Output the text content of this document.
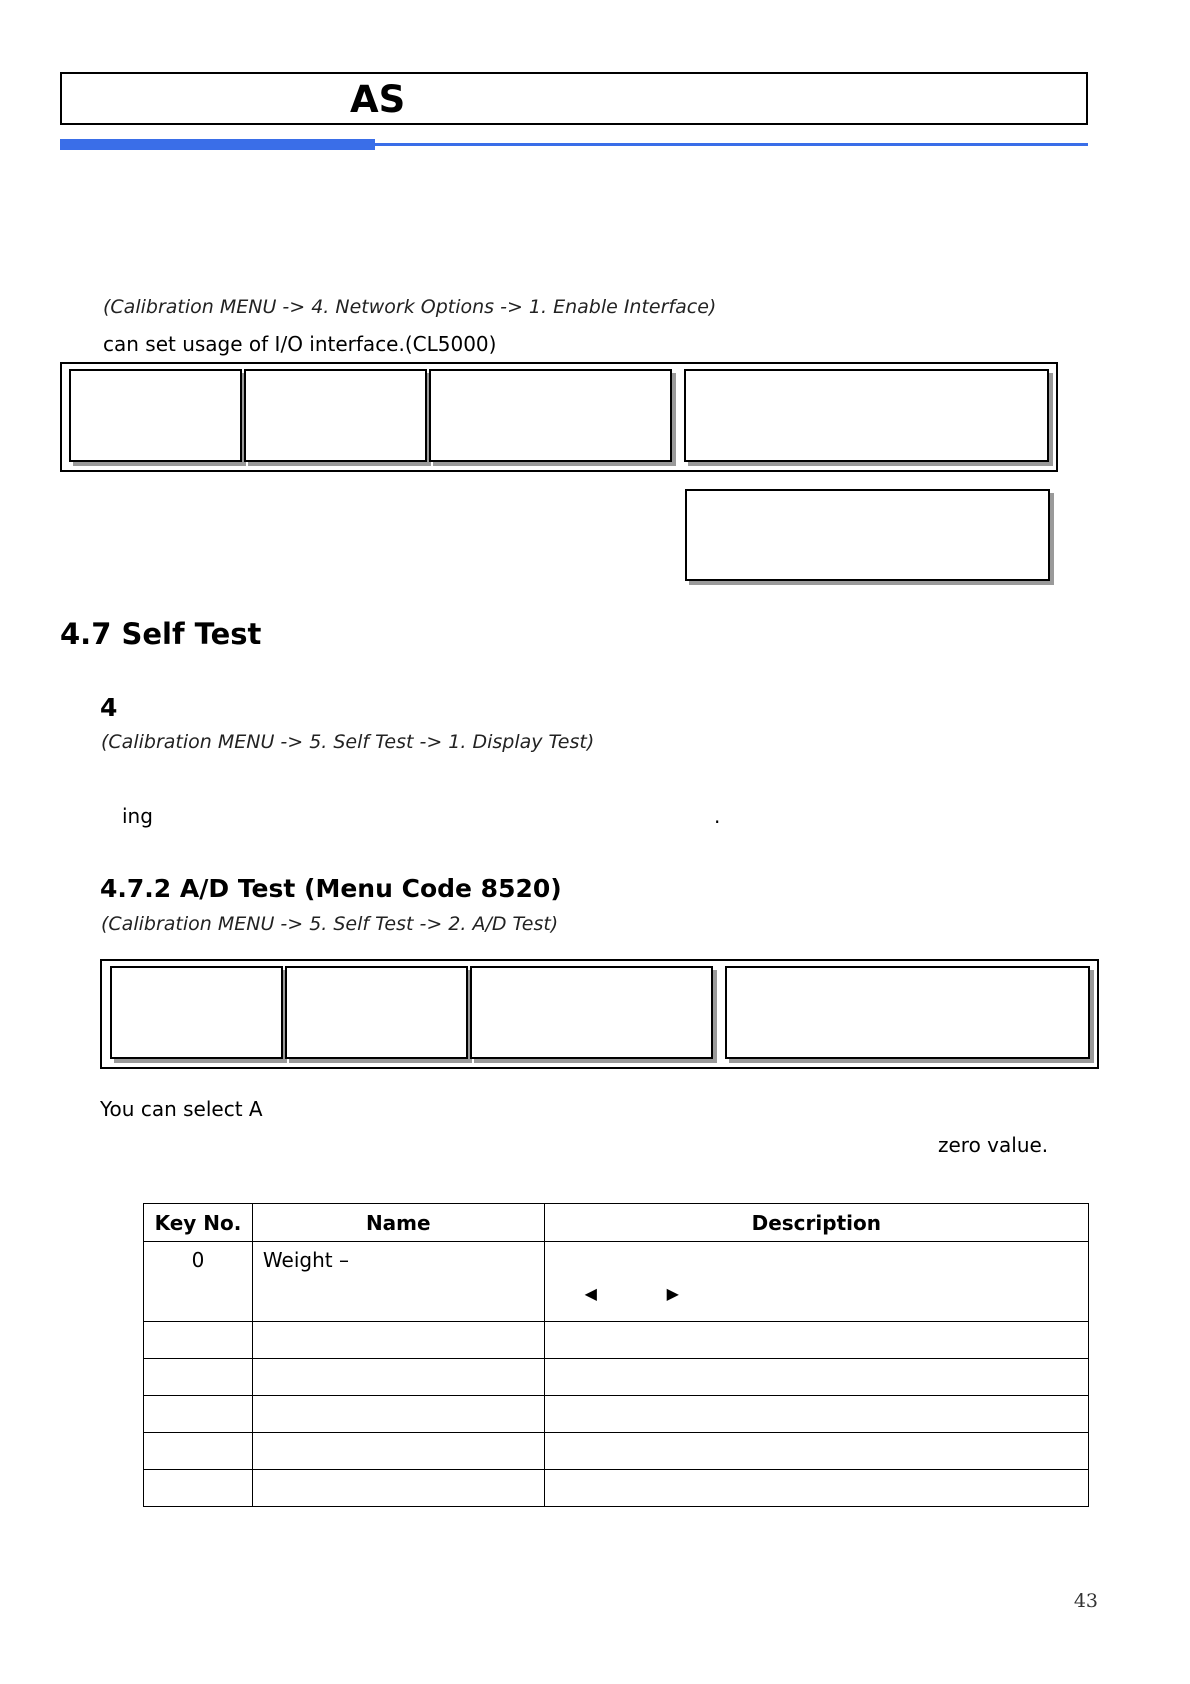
AS
(Calibration MENU -> 4. Network Options -> 1. Enable Interface)
can set usage of I/O interface.(CL5000)
4.7 Self Test
4
(Calibration MENU -> 5. Self Test -> 1. Display Test)
ing	.
4.7.2 A/D Test (Menu Code 8520)
(Calibration MENU -> 5. Self Test -> 2. A/D Test)
You can select A
zero value.
Key No.	Name	Description
0	Weight –	◀ ▶

43
